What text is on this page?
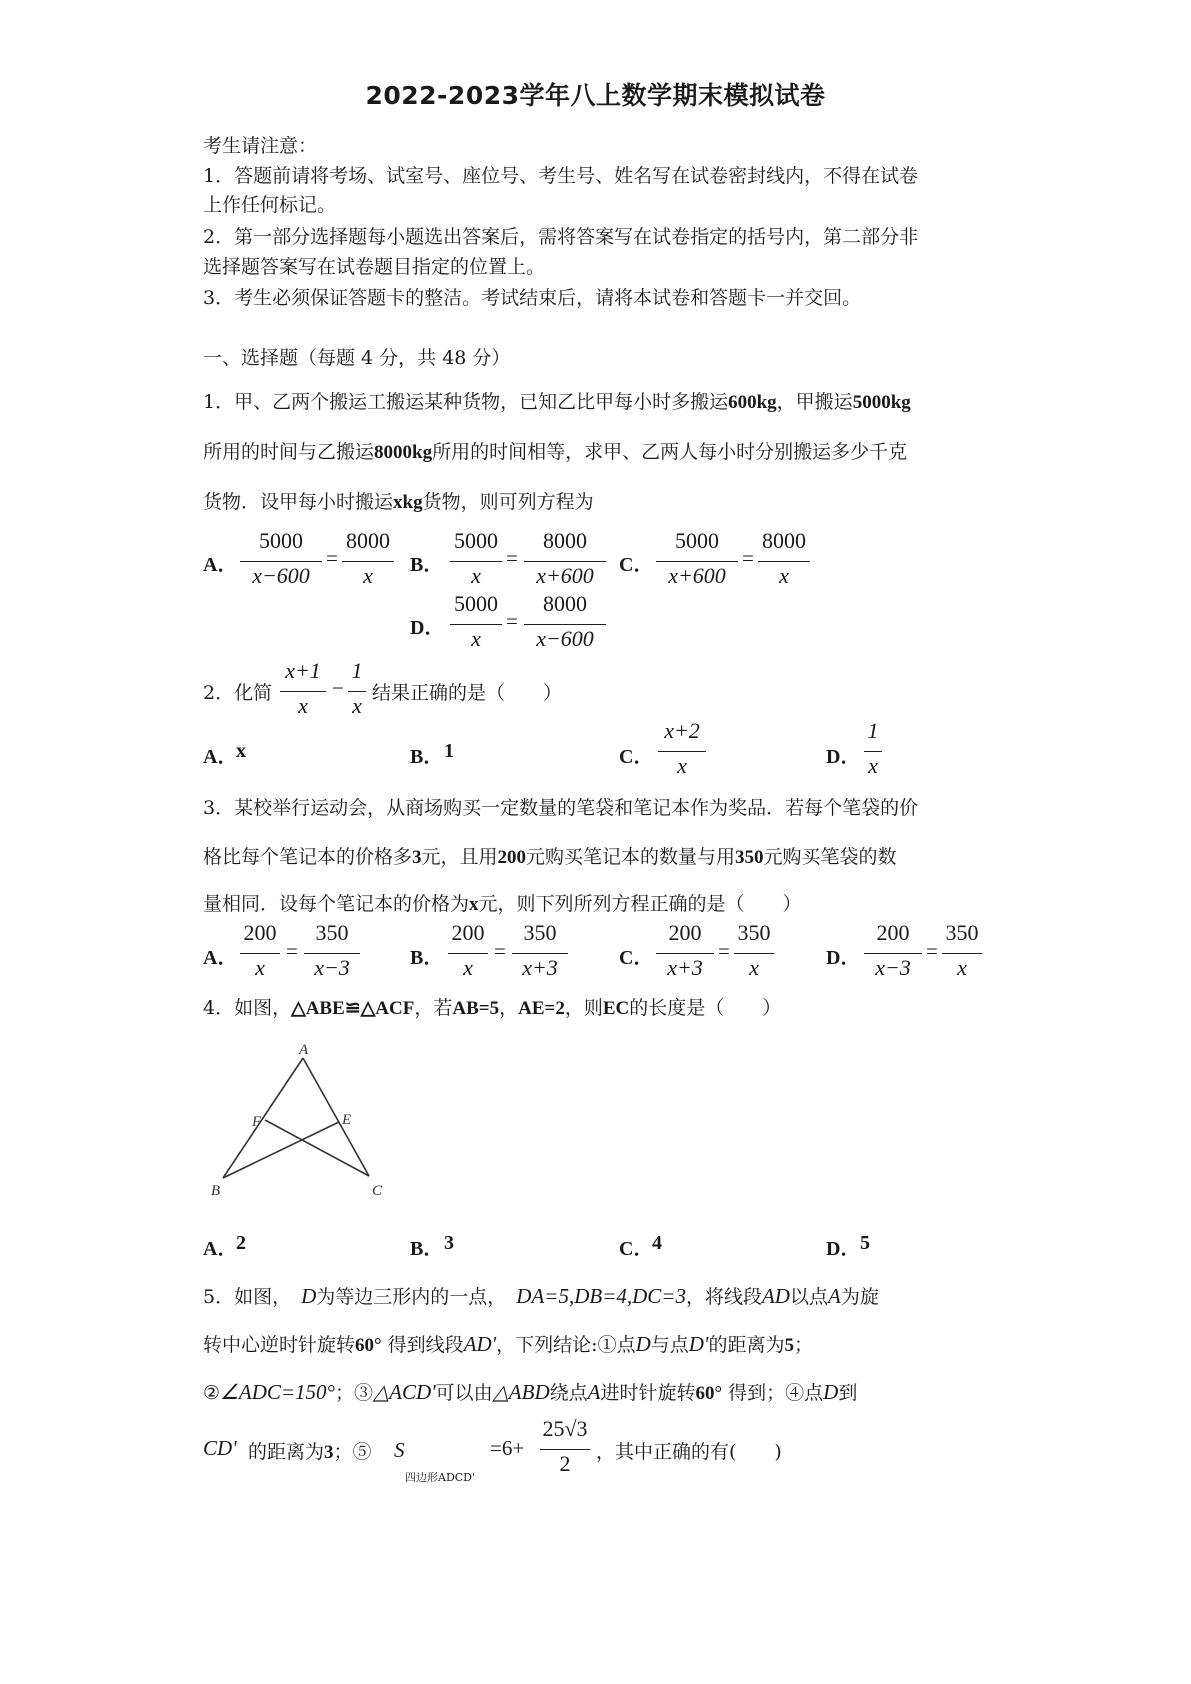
2022-2023学年八上数学期末模拟试卷
考生请注意：
1．答题前请将考场、试室号、座位号、考生号、姓名写在试卷密封线内，不得在试卷
上作任何标记。
2．第一部分选择题每小题选出答案后，需将答案写在试卷指定的括号内，第二部分非
选择题答案写在试卷题目指定的位置上。
3．考生必须保证答题卡的整洁。考试结束后，请将本试卷和答题卡一并交回。
一、选择题（每题 4 分，共 48 分）
1．甲、乙两个搬运工搬运某种货物，已知乙比甲每小时多搬运600kg，甲搬运5000kg
所用的时间与乙搬运8000kg所用的时间相等，求甲、乙两人每小时分别搬运多少千克
货物．设甲每小时搬运xkg货物，则可列方程为
A．
5000
x−600
=
8000
x	B．
5000
x
=
8000
x+600	C．
5000
x+600
=
8000
x
D．
5000
x
=
8000
x−600
2．化简
x+1
x
−
1
x 结果正确的是（　　）
A．
x	B． 1	C．
x+2
x	D．
1
x
3．某校举行运动会，从商场购买一定数量的笔袋和笔记本作为奖品．若每个笔袋的价
格比每个笔记本的价格多3元，且用200元购买笔记本的数量与用350元购买笔袋的数
量相同．设每个笔记本的价格为x元，则下列所列方程正确的是（　　）
A．
200
x
=
350
x−3	B．
200
x
=
350
x+3	C．
200
x+3
=
350
x	D．
200
x−3
=
350
x
4．如图，△ABE≌△ACF，若AB=5，AE=2，则EC的长度是（　　）
A
B	C
E
F
A．
2	B． 3	C．
4	D． 5
5．如图， D为等边三形内的一点， DA=5,DB=4,DC=3，将线段AD以点A为旋
转中心逆时针旋转60° 得到线段AD'，下列结论:①点D与点D'的距离为5；
②∠ADC=150°；③△ACD'可以由△ABD绕点A进时针旋转60° 得到；④点D到
CD' 的距离为3；⑤ S
四边形ADCD'
=6+
25√3
2	，其中正确的有(　　)
